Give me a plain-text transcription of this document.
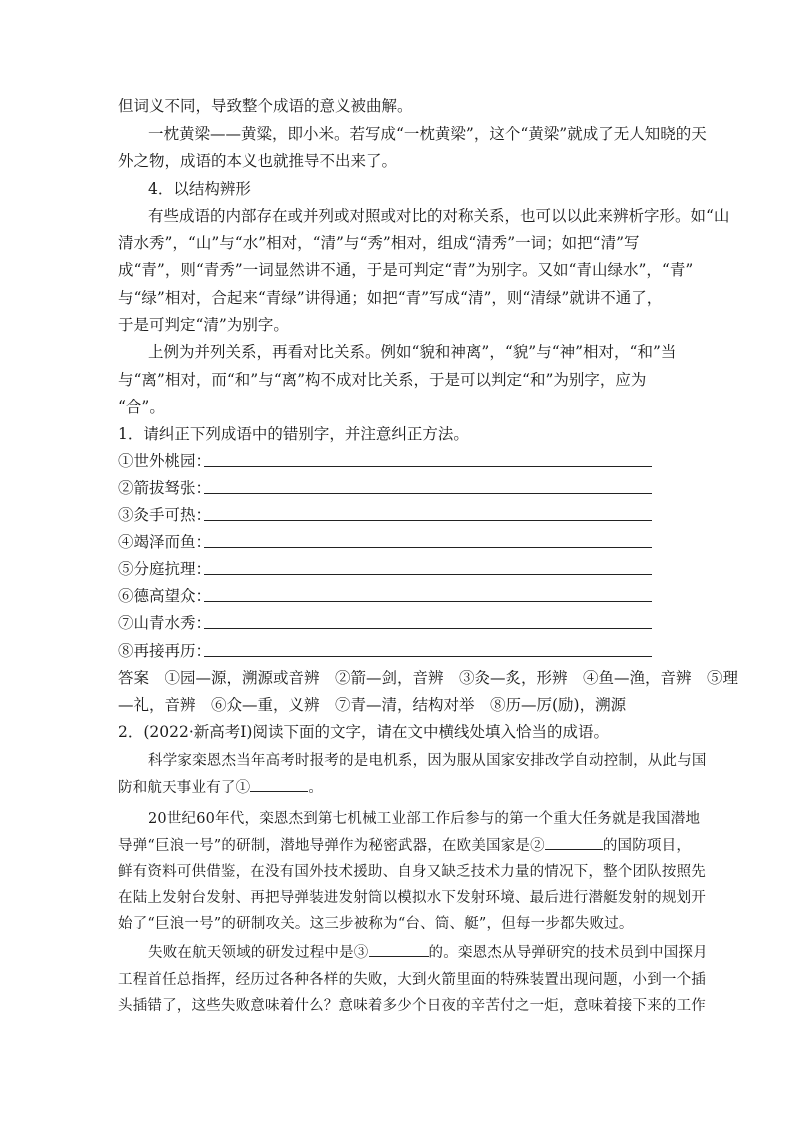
但词义不同，导致整个成语的意义被曲解。
一枕黄梁——黄粱，即小米。若写成“一枕黄梁”，这个“黄梁”就成了无人知晓的天
外之物，成语的本义也就推导不出来了。
4．以结构辨形
有些成语的内部存在或并列或对照或对比的对称关系，也可以以此来辨析字形。如“山
清水秀”，“山”与“水”相对，“清”与“秀”相对，组成“清秀”一词；如把“清”写
成“青”，则“青秀”一词显然讲不通，于是可判定“青”为别字。又如“青山绿水”，“青”
与“绿”相对，合起来“青绿”讲得通；如把“青”写成“清”，则“清绿”就讲不通了，
于是可判定“清”为别字。
上例为并列关系，再看对比关系。例如“貌和神离”，“貌”与“神”相对，“和”当
与“离”相对，而“和”与“离”构不成对比关系，于是可以判定“和”为别字，应为
“合”。
1．请纠正下列成语中的错别字，并注意纠正方法。
①世外桃园：
②箭拔驽张：
③灸手可热：
④竭泽而鱼：
⑤分庭抗理：
⑥德高望众：
⑦山青水秀：
⑧再接再历：
答案　①园—源，溯源或音辨　②箭—剑，音辨　③灸—炙，形辨　④鱼—渔，音辨　⑤理
—礼，音辨　⑥众—重，义辨　⑦青—清，结构对举　⑧历—厉(励)，溯源
2．(2022·新高考Ⅰ)阅读下面的文字，请在文中横线处填入恰当的成语。
科学家栾恩杰当年高考时报考的是电机系，因为服从国家安排改学自动控制，从此与国
防和航天事业有了①	。
20世纪60年代，栾恩杰到第七机械工业部工作后参与的第一个重大任务就是我国潜地
导弹“巨浪一号”的研制，潜地导弹作为秘密武器，在欧美国家是②	的国防项目，
鲜有资料可供借鉴，在没有国外技术援助、自身又缺乏技术力量的情况下，整个团队按照先
在陆上发射台发射、再把导弹装进发射筒以模拟水下发射环境、最后进行潜艇发射的规划开
始了“巨浪一号”的研制攻关。这三步被称为“台、筒、艇”，但每一步都失败过。
失败在航天领域的研发过程中是③	的。栾恩杰从导弹研究的技术员到中国探月
工程首任总指挥，经历过各种各样的失败，大到火箭里面的特殊装置出现问题，小到一个插
头插错了，这些失败意味着什么？意味着多少个日夜的辛苦付之一炬，意味着接下来的工作
